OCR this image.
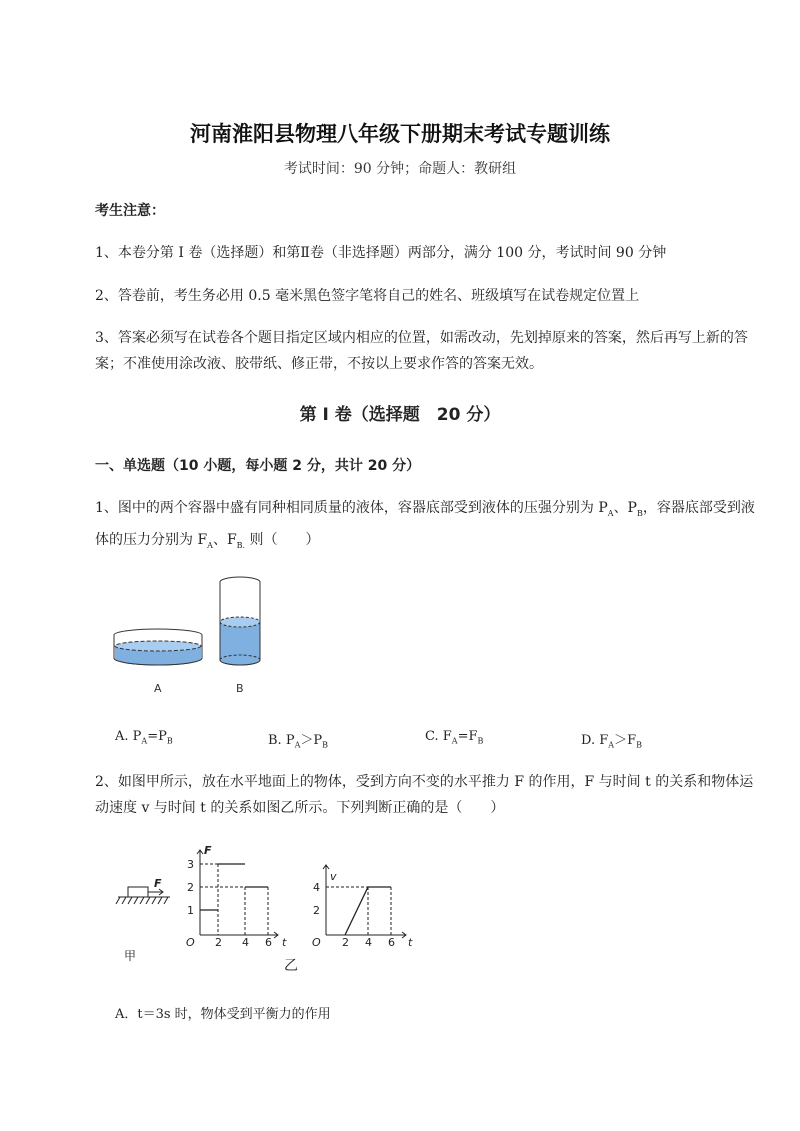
河南淮阳县物理八年级下册期末考试专题训练
考试时间：90 分钟；命题人：教研组
考生注意：
1、本卷分第 I 卷（选择题）和第Ⅱ卷（非选择题）两部分，满分 100 分，考试时间 90 分钟
2、答卷前，考生务必用 0.5 毫米黑色签字笔将自己的姓名、班级填写在试卷规定位置上
3、答案必须写在试卷各个题目指定区域内相应的位置，如需改动，先划掉原来的答案，然后再写上新的答案；不准使用涂改液、胶带纸、修正带，不按以上要求作答的答案无效。
第 I 卷（选择题　20 分）
一、单选题（10 小题，每小题 2 分，共计 20 分）
1、图中的两个容器中盛有同种相同质量的液体，容器底部受到液体的压强分别为 $P_A$、$P_B$，容器底部受到液体的压力分别为 $F_A$、$F_{B.}$ 则（　　）
A	B
A. $P_A=P_B$	B. $P_A>P_B$
C. $F_A=F_B$	D. $F_A>F_B$
2、如图甲所示，放在水平地面上的物体，受到方向不变的水平推力 F 的作用，F 与时间 t 的关系和物体运动速度 v 与时间 t 的关系如图乙所示。下列判断正确的是（　　）
F
甲
F
3
2
1
O 2 4 6 t
乙
v
4
2
O 2 4 6 t
A．t＝3s 时，物体受到平衡力的作用
